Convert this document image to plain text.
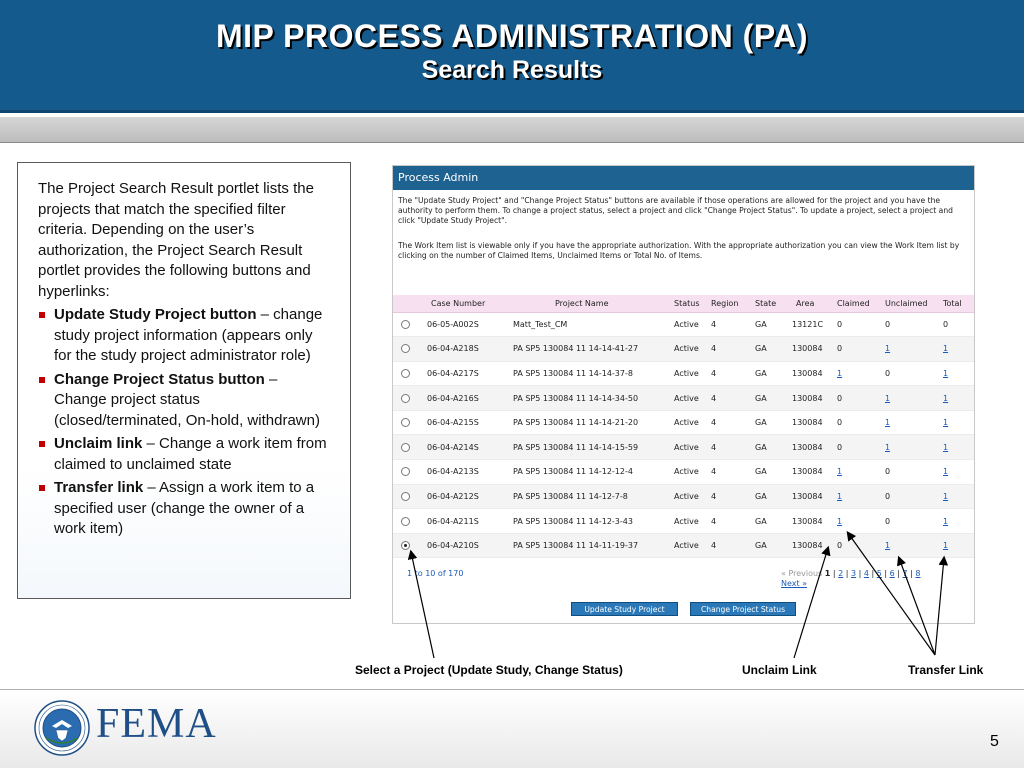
MIP PROCESS ADMINISTRATION (PA)
Search Results

The Project Search Result portlet lists the projects that match the specified filter criteria. Depending on the user’s authorization, the Project Search Result portlet provides the following buttons and hyperlinks:

Update Study Project button – change study project information (appears only for the study project administrator role)
Change Project Status button – Change project status (closed/terminated, On-hold, withdrawn)
Unclaim link – Change a work item from claimed to unclaimed state
Transfer link – Assign a work item to a specified user (change the owner of a work item)
Process Admin
The "Update Study Project" and "Change Project Status" buttons are available if those operations are allowed for the project and you have the authority to perform them. To change a project status, select a project and click "Change Project Status". To update a project, select a project and click "Update Study Project".
The Work Item list is viewable only if you have the appropriate authorization. With the appropriate authorization you can view the Work Item list by clicking on the number of Claimed Items, Unclaimed Items or Total No. of Items.
	Case Number	Project Name	Status	Region	State	Area	Claimed	Unclaimed	Total
	06-05-A002S	Matt_Test_CM	Active	4	GA	13121C	0	0	0
	06-04-A218S	PA SP5 130084 11 14-14-41-27	Active	4	GA	130084	0	1	1
	06-04-A217S	PA SP5 130084 11 14-14-37-8	Active	4	GA	130084	1	0	1
	06-04-A216S	PA SP5 130084 11 14-14-34-50	Active	4	GA	130084	0	1	1
	06-04-A215S	PA SP5 130084 11 14-14-21-20	Active	4	GA	130084	0	1	1
	06-04-A214S	PA SP5 130084 11 14-14-15-59	Active	4	GA	130084	0	1	1
	06-04-A213S	PA SP5 130084 11 14-12-12-4	Active	4	GA	130084	1	0	1
	06-04-A212S	PA SP5 130084 11 14-12-7-8	Active	4	GA	130084	1	0	1
	06-04-A211S	PA SP5 130084 11 14-12-3-43	Active	4	GA	130084	1	0	1
	06-04-A210S	PA SP5 130084 11 14-11-19-37	Active	4	GA	130084	0	1	1
1 to 10 of 170	« Previous 1 | 2 | 3 | 4 | 5 | 6 | 7 | 8
Next »
Update Study Project	Change Project Status
Select a Project (Update Study, Change Status)	Unclaim Link	Transfer Link
FEMA	5
